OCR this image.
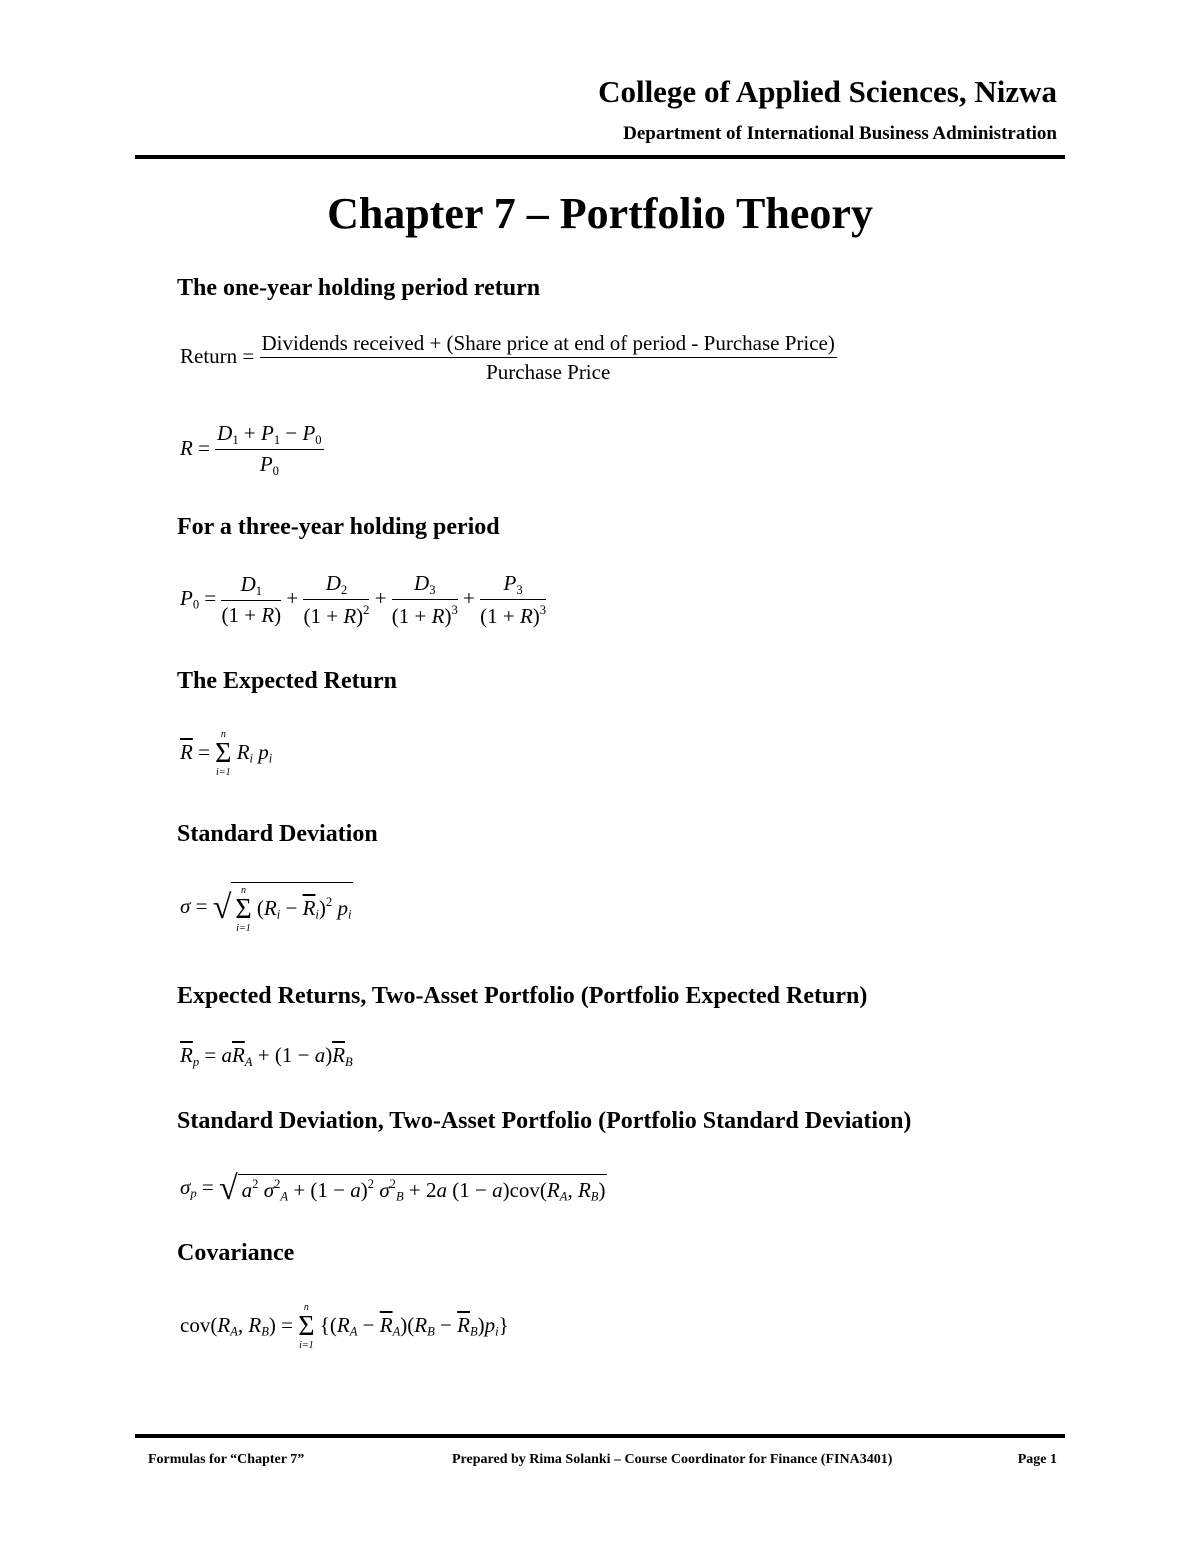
College of Applied Sciences, Nizwa
Department of International Business Administration
Chapter 7 – Portfolio Theory
The one-year holding period return
Return =
Dividends received + (Share price at end of period - Purchase Price)
Purchase Price
$R = \frac{D_1 + P_1 - P_0}{P_0}$
For a three-year holding period
$P_0 = \frac{D_1}{(1 + R)} + \frac{D_2}{(1 + R)^2} + \frac{D_3}{(1 + R)^3} + \frac{P_3}{(1 + R)^3}$
The Expected Return
$\overline{R}$ =
n
Σ
i=1
$R_i$ $p_i$
Standard Deviation
σ = √ n
Σ
i=1
$(R_i - \overline{R}_i)^2$ $p_i$
Expected Returns, Two-Asset Portfolio (Portfolio Expected Return)
$\overline{R}_p = a\overline{R}_A + (1 - a)\overline{R}_B$
Standard Deviation, Two-Asset Portfolio (Portfolio Standard Deviation)
$\sigma_p$ = √ $a^2$ $\sigma^2_A + (1 - a)^2$ $\sigma^2_B + 2a$ $(1 - a)cov(R_A$, $R_B$)
Covariance
$cov(R_A$, $R_B$) =
n
Σ
i=1
$\{(R_A - \overline{R}_A)(R_B - \overline{R}_B)p_i\}$
Formulas for “Chapter 7”	Prepared by Rima Solanki – Course Coordinator for Finance (FINA3401)	Page 1
